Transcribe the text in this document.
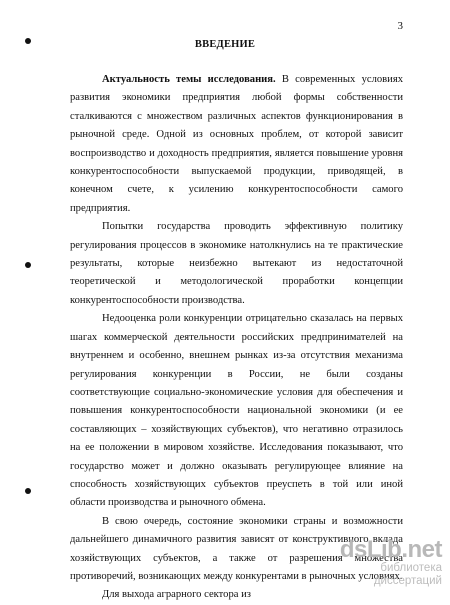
3
ВВЕДЕНИЕ

Актуальность темы исследования. В современных условиях развития экономики предприятия любой формы собственности сталкиваются с множеством различных аспектов функционирования в рыночной среде. Одной из основных проблем, от которой зависит воспроизводство и доходность предприятия, является повышение уровня конкурентоспособности выпускаемой продукции, приводящей, в конечном счете, к усилению конкурентоспособности самого предприятия.

Попытки государства проводить эффективную политику регулирования процессов в экономике натолкнулись на те практические результаты, которые неизбежно вытекают из недостаточной теоретической и методологической проработки концепции конкурентоспособности производства.

Недооценка роли конкуренции отрицательно сказалась на первых шагах коммерческой деятельности российских предпринимателей на внутреннем и особенно, внешнем рынках из-за отсутствия механизма регулирования конкуренции в России, не были созданы соответствующие социально-экономические условия для обеспечения и повышения конкурентоспособности национальной экономики (и ее составляющих – хозяйствующих субъектов), что негативно отразилось на ее положении в мировом хозяйстве. Исследования показывают, что государство может и должно оказывать регулирующее влияние на способность хозяйствующих субъектов преуспеть в той или иной области производства и рыночного обмена.

В свою очередь, состояние экономики страны и возможности дальнейшего динамичного развития зависят от конструктивного вклада хозяйствующих субъектов, а также от разрешения множества противоречий, возникающих между конкурентами в рыночных условиях.

Для выхода аграрного сектора из

dsLib.net
библиотека диссертаций
